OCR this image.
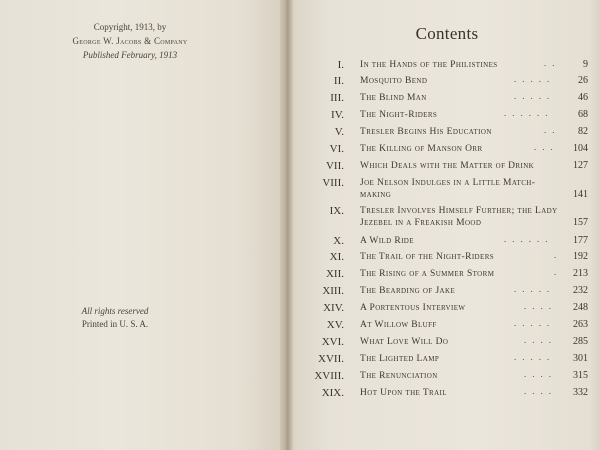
Copyright, 1913, by
George W. Jacobs & Company
Published February, 1913
All rights reserved
Printed in U. S. A.
Contents
I. In the Hands of the Philistines	..	9
II. Mosquito Bend	.....	26
III. The Blind Man	.....	46
IV. The Night-Riders	......	68
V. Tresler Begins His Education	..	82
VI. The Killing of Manson Orr	...	104
VII. Which Deals with the Matter of Drink	127
VIII. Joe Nelson Indulges in a Little Match-making	141
IX. Tresler Involves Himself Further; the Lady Jezebel in a Freakish Mood	157
X. A Wild Ride	......	177
XI. The Trail of the Night-Riders	.	192
XII. The Rising of a Summer Storm	.	213
XIII. The Bearding of Jake	.....	232
XIV. A Portentous Interview	....	248
XV. At Willow Bluff	.....	263
XVI. What Love Will Do	....	285
XVII. The Lighted Lamp	.....	301
XVIII. The Renunciation	....	315
XIX. Hot Upon the Trail	....	332
